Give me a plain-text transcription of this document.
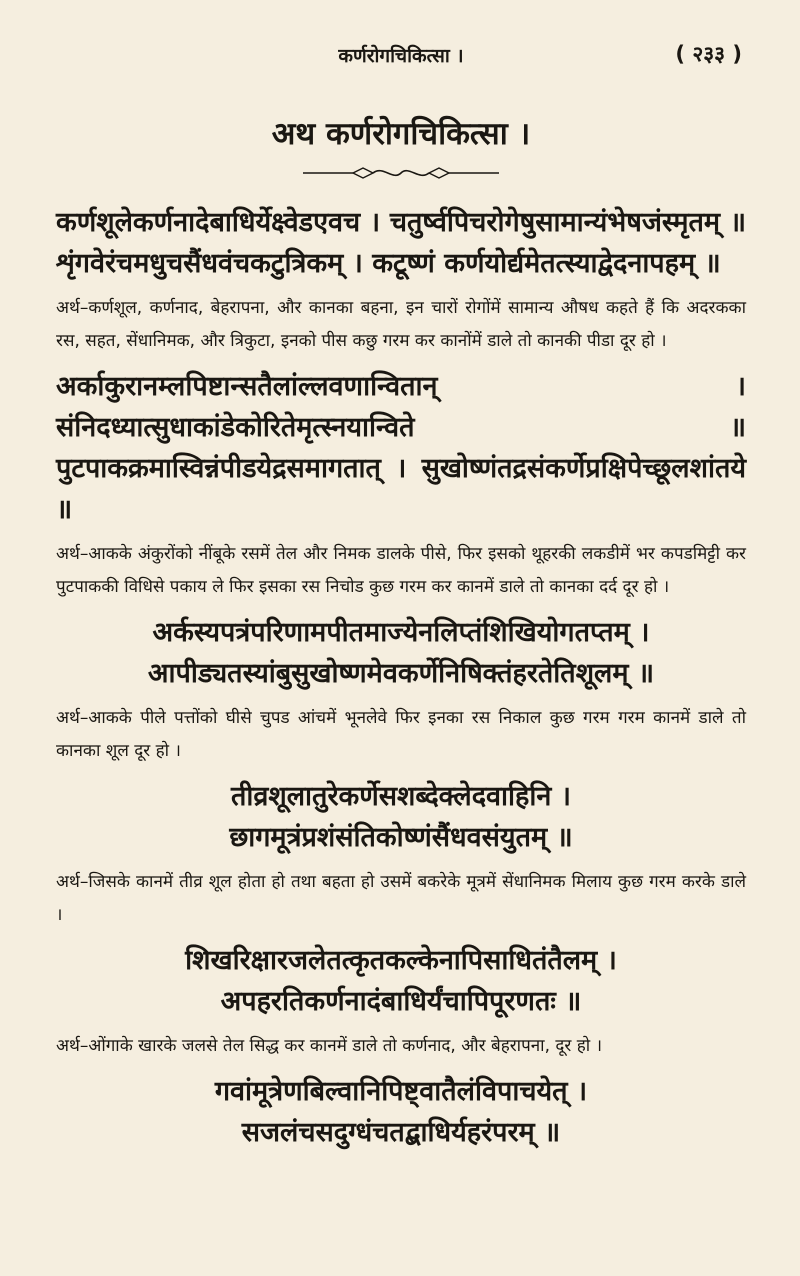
कर्णरोगचिकित्सा ।	( २३३ )
अथ कर्णरोगचिकित्सा ।

कर्णशूलेकर्णनादेबाधिर्येक्ष्वेडएवच । चतुर्ष्वपिचरोगेषुसामान्यंभेषजंस्मृतम् ॥ शृंगवेरंचमधुचसैंधवंचकटुत्रिकम् । कटूष्णं कर्णयोर्द्यमेतत्स्याद्वेदनापहम् ॥

अर्थ–कर्णशूल, कर्णनाद, बेहरापना, और कानका बहना, इन चारों रोगोंमें सामान्य औषध कहते हैं कि अदरकका रस, सहत, सेंधानिमक, और त्रिकुटा, इनको पीस कछु गरम कर कानोंमें डाले तो कानकी पीडा दूर हो ।

अर्काकुरानम्लपिष्टान्सतैलांल्लवणान्वितान् । संनिदध्यात्सुधाकांडेकोरितेमृत्स्नयान्विते ॥ पुटपाकक्रमास्विन्नंपीडयेद्रसमागतात् । सुखोष्णंतद्रसंकर्णेप्रक्षिपेच्छूलशांतये ॥

अर्थ–आकके अंकुरोंको नींबूके रसमें तेल और निमक डालके पीसे, फिर इसको थूहरकी लकडीमें भर कपडमिट्टी कर पुटपाककी विधिसे पकाय ले फिर इसका रस निचोड कुछ गरम कर कानमें डाले तो कानका दर्द दूर हो ।

अर्कस्यपत्रंपरिणामपीतमाज्येनलिप्तंशिखियोगतप्तम् ।
आपीड्यतस्यांबुसुखोष्णमेवकर्णेनिषिक्तंहरतेतिशूलम् ॥

अर्थ–आकके पीले पत्तोंको घीसे चुपड आंचमें भूनलेवे फिर इनका रस निकाल कुछ गरम गरम कानमें डाले तो कानका शूल दूर हो ।

तीव्रशूलातुरेकर्णेसशब्देक्लेदवाहिनि ।
छागमूत्रंप्रशंसंतिकोष्णंसैंधवसंयुतम् ॥

अर्थ–जिसके कानमें तीव्र शूल होता हो तथा बहता हो उसमें बकरेके मूत्रमें सेंधानिमक मिलाय कुछ गरम करके डाले ।

शिखरिक्षारजलेतत्कृतकल्केनापिसाधितंतैलम् ।
अपहरतिकर्णनादंबाधिर्यंचापिपूरणतः ॥

अर्थ–ओंगाके खारके जलसे तेल सिद्ध कर कानमें डाले तो कर्णनाद, और बेहरापना, दूर हो ।

गवांमूत्रेणबिल्वानिपिष्ट्वातैलंविपाचयेत् ।
सजलंचसदुग्धंचतद्बाधिर्यहरंपरम् ॥
